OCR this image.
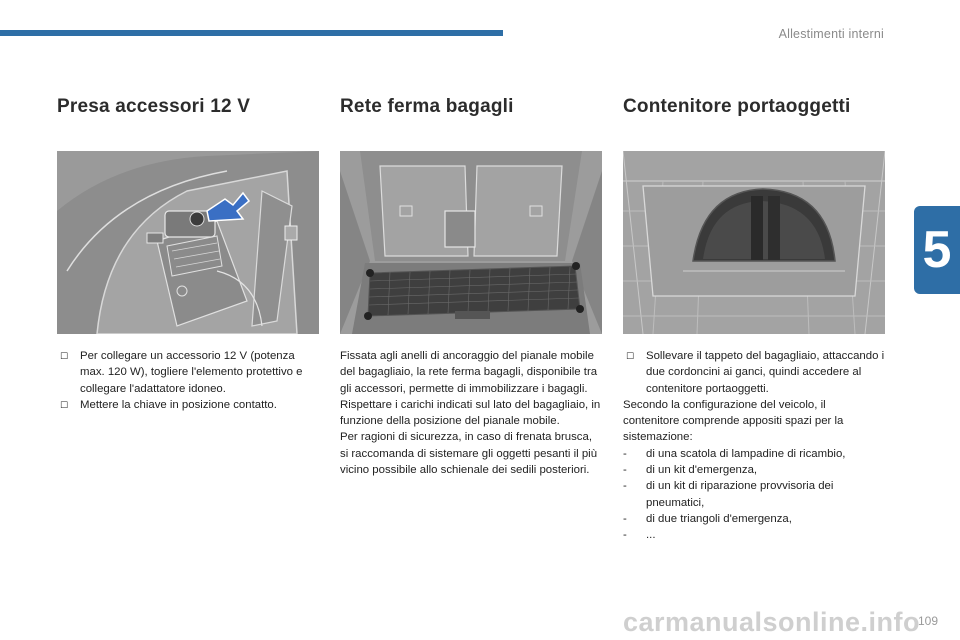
Allestimenti interni
5
Presa accessori 12 V

☐ Per collegare un accessorio 12 V (potenza max. 120 W), togliere l'elemento protettivo e collegare l'adattatore idoneo.

☐ Mettere la chiave in posizione contatto.

Rete ferma bagagli

Fissata agli anelli di ancoraggio del pianale mobile del bagagliaio, la rete ferma bagagli, disponibile tra gli accessori, permette di immobilizzare i bagagli.

Rispettare i carichi indicati sul lato del bagagliaio, in funzione della posizione del pianale mobile.

Per ragioni di sicurezza, in caso di frenata brusca, si raccomanda di sistemare gli oggetti pesanti il più vicino possibile allo schienale dei sedili posteriori.

Contenitore portaoggetti

☐ Sollevare il tappeto del bagagliaio, attaccando i due cordoncini ai ganci, quindi accedere al contenitore portaoggetti.

Secondo la configurazione del veicolo, il contenitore comprende appositi spazi per la sistemazione:

- di una scatola di lampadine di ricambio,

- di un kit d'emergenza,

- di un kit di riparazione provvisoria dei pneumatici,

- di due triangoli d'emergenza,

- ...

carmanualsonline.info
109
